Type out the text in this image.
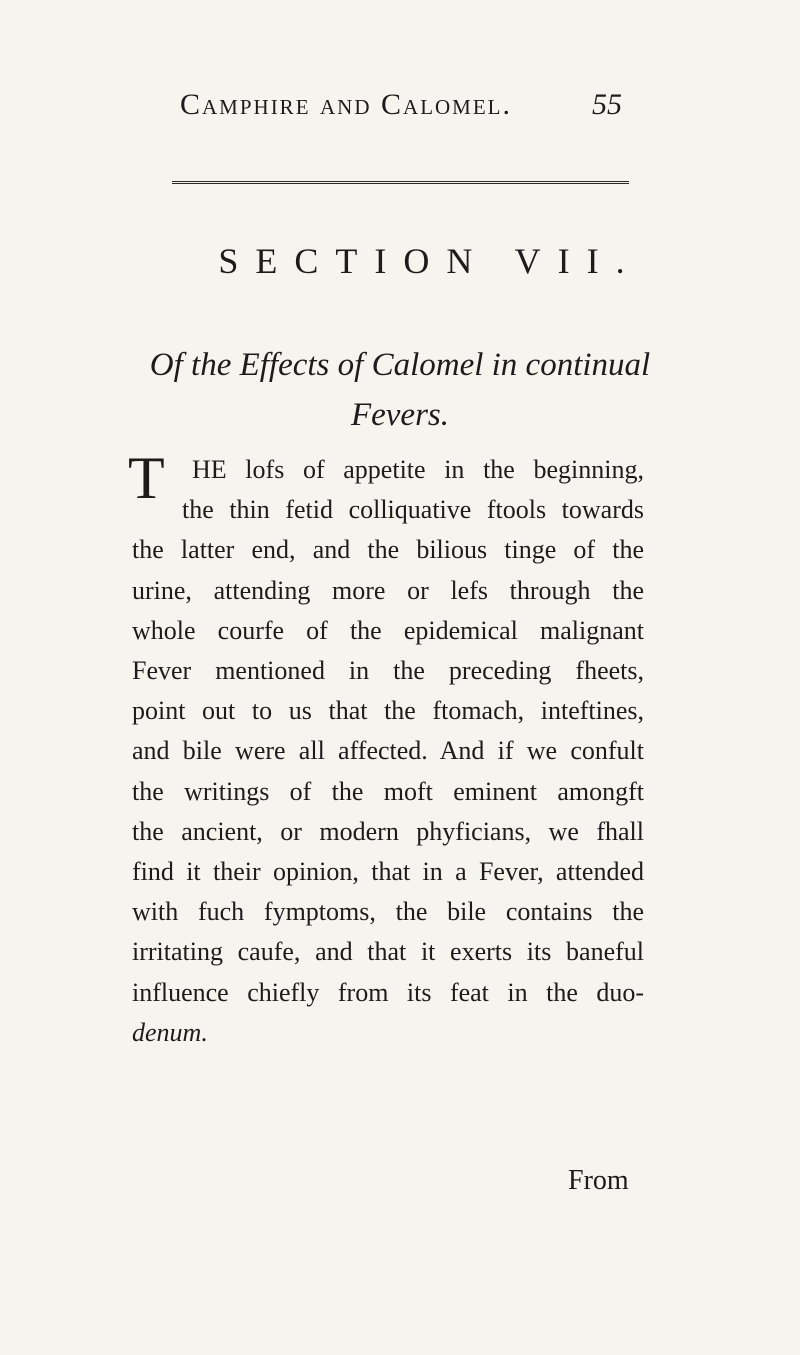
Camphire and Calomel.	55
SECTION VII.
Of the Effects of Calomel in continual
Fevers.
T	HE lofs of appetite in the beginning,
the thin fetid colliquative ftools towards
the latter end, and the bilious tinge of the
urine, attending more or lefs through the
whole courfe of the epidemical malignant
Fever mentioned in the preceding fheets,
point out to us that the ftomach, inteftines,
and bile were all affected. And if we confult
the writings of the moft eminent amongft
the ancient, or modern phyficians, we fhall
find it their opinion, that in a Fever, attended
with fuch fymptoms, the bile contains the
irritating caufe, and that it exerts its baneful
influence chiefly from its feat in the duo-
denum.
From
